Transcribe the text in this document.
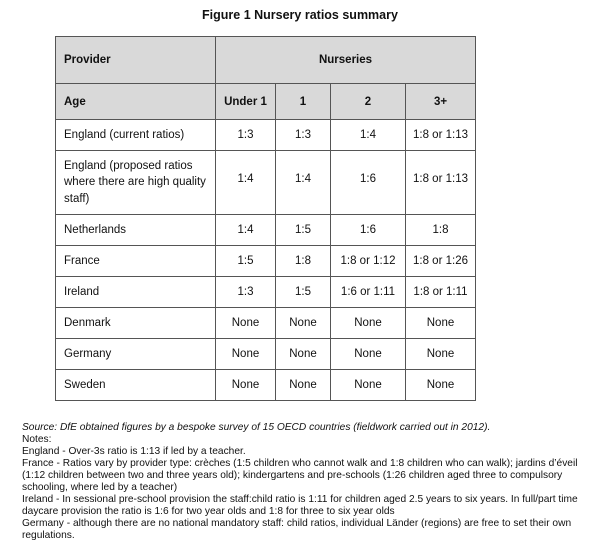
Figure 1 Nursery ratios summary
Provider	Nurseries			
Age	Under 1	1	2	3+
England (current ratios)	1:3	1:3	1:4	1:8 or 1:13
England (proposed ratios where there are high quality staff)	1:4	1:4	1:6	1:8 or 1:13
Netherlands	1:4	1:5	1:6	1:8
France	1:5	1:8	1:8 or 1:12	1:8 or 1:26
Ireland	1:3	1:5	1:6 or 1:11	1:8 or 1:11
Denmark	None	None	None	None
Germany	None	None	None	None
Sweden	None	None	None	None

Source: DfE obtained figures by a bespoke survey of 15 OECD countries (fieldwork carried out in 2012).

Notes:

England - Over-3s ratio is 1:13 if led by a teacher.

France - Ratios vary by provider type: crèches (1:5 children who cannot walk and 1:8 children who can walk); jardins d’éveil (1:12 children between two and three years old); kindergartens and pre-schools (1:26 children aged three to compulsory schooling, where led by a teacher)

Ireland - In sessional pre-school provision the staff:child ratio is 1:11 for children aged 2.5 years to six years. In full/part time daycare provision the ratio is 1:6 for two year olds and 1:8 for three to six year olds

Germany - although there are no national mandatory staff: child ratios, individual Länder (regions) are free to set their own regulations.
